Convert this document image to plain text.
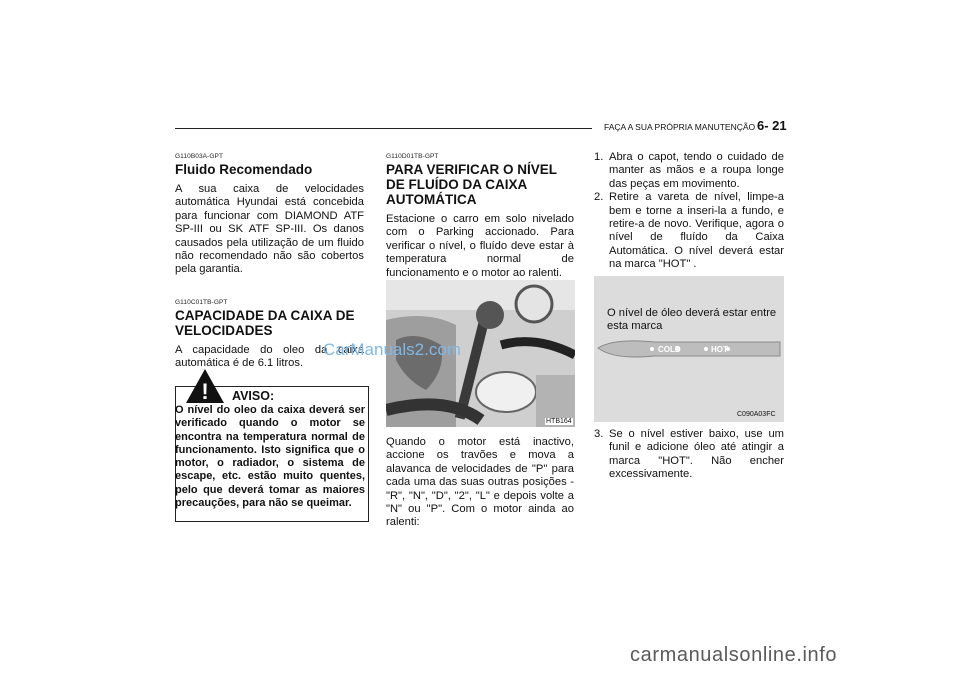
FAÇA A SUA PRÓPRIA MANUTENÇÃO 6- 21
G110B03A-GPT
Fluido Recomendado

A sua caixa de velocidades automática Hyundai está concebida para funcionar com DIAMOND ATF SP-III ou SK ATF SP-III. Os danos causados pela utilização de um fluido não recomendado não são cobertos pela garantia.

G110C01TB-GPT
CAPACIDADE DA CAIXA DE VELOCIDADES

A capacidade do oleo da caixa automática é de 6.1 litros.

! AVISO:
O nível do oleo da caixa deverá ser verificado quando o motor se encontra na temperatura normal de funcionamento. Isto significa que o motor, o radiador, o sistema de escape, etc. estão muito quentes, pelo que deverá tomar as maiores precauções, para não se queimar.
G110D01TB-GPT
PARA VERIFICAR O NÍVEL DE FLUÍDO DA CAIXA AUTOMÁTICA

Estacione o carro em solo nivelado com o Parking accionado. Para verificar o nível, o fluído deve estar à temperatura normal de funcionamento e o motor ao ralenti.

HTB164

Quando o motor está inactivo, accione os travões e mova a alavanca de velocidades de "P" para cada uma das suas outras posições - "R", "N", "D", "2", "L" e depois volte a "N" ou "P". Com o motor ainda ao ralenti:

1. Abra o capot, tendo o cuidado de manter as mãos e a roupa longe das peças em movimento.
2. Retire a vareta de nível, limpe-a bem e torne a inseri-la a fundo, e retire-a de novo. Verifique, agora o nível de fluído da Caixa Automática. O nível deverá estar na marca "HOT" .
COLD	HOT
O nível de óleo deverá estar entre esta marca
C090A03FC
3. Se o nível estiver baixo, use um funil e adicione óleo até atingir a marca "HOT". Não encher excessivamente.
CarManuals2.com
carmanualsonline.info
